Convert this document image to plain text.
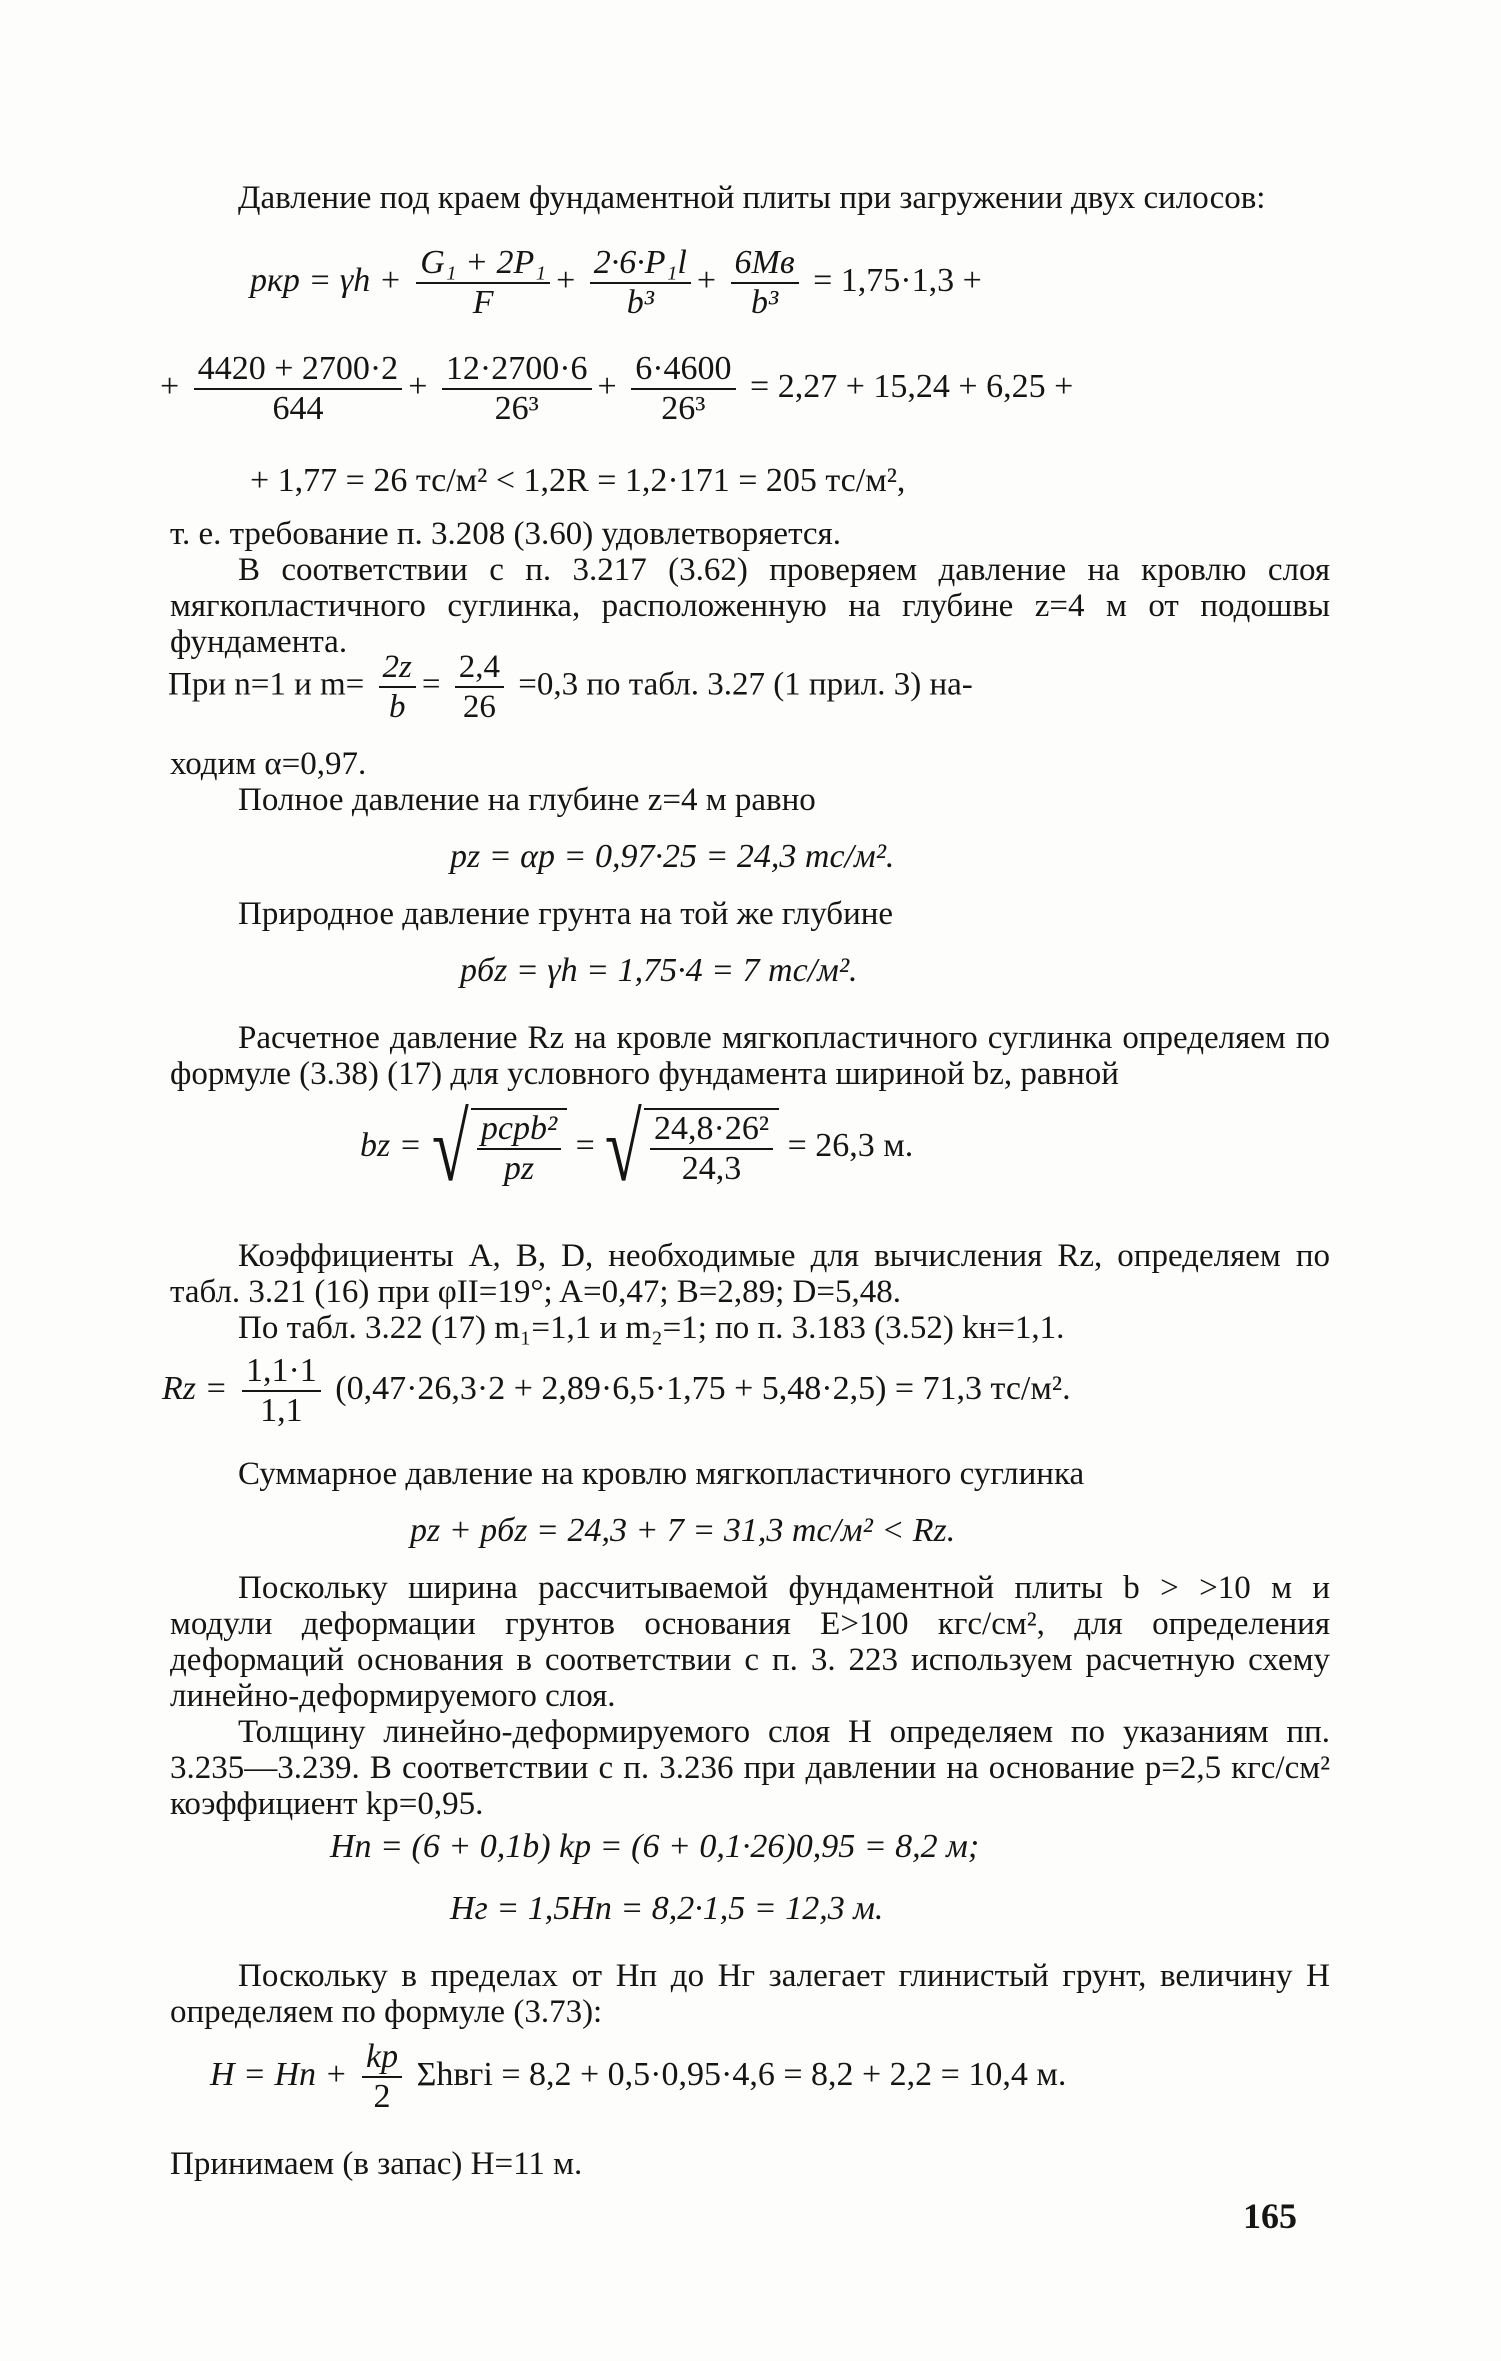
Давление под краем фундаментной плиты при загружении двух силосов:

pкр = $\gamma h + \frac{\text{G₁ + 2P₁}}{F} + \frac{\text{2·6·P₁l}}{\text{b³}} + 6Mв$
b³
= 1,75·1,3 +
+ $\frac{4420 + 2700\cdot 2}{644} + \frac{12\cdot 2700\cdot 6}{\text{26³}} + \frac{6\cdot 4600}{\text{26³}} = 2,27 + 15,24 + 6,25$ +
+ 1,77 = 26 тс/м² < 1,2R = 1,2·171 = 205 тс/м²,

т. е. требование п. 3.208 (3.60) удовлетворяется.

В соответствии с п. 3.217 (3.62) проверяем давление на кровлю слоя мягкопластичного суглинка, расположенную на глубине z=4 м от подошвы фундамента.

При n=1 и $m= \frac{2z}{b} = \frac{2,4}{26} =0,3$ по табл. 3.27 (1 прил. 3) на-

ходим α=0,97.

Полное давление на глубине z=4 м равно

pz = αp = 0,97·25 = 24,3 тс/м².

Природное давление грунта на той же глубине

pбz = γh = 1,75·4 = 7 тс/м².

Расчетное давление Rz на кровле мягкопластичного суглинка определяем по формуле (3.38) (17) для условного фундамента шириной bz, равной

bz = √ pсрb²
pz
= √ $\frac{\text{24,8·26²}}{24,3} = 26,3$ м.

Коэффициенты A, B, D, необходимые для вычисления Rz, определяем по табл. 3.21 (16) при φII=19°; A=0,47; B=2,89; D=5,48.

По табл. 3.22 (17) m₁=1,1 и m₂=1; по п. 3.183 (3.52) kн=1,1.

$Rz = \frac{1,1\cdot 1}{1,1} (0,47\cdot 26,3\cdot 2 + 2,89\cdot 6,5\cdot 1,75 + 5,48\cdot 2,5) = 71,3$ тс/м².

Суммарное давление на кровлю мягкопластичного суглинка

pz + pбz = 24,3 + 7 = 31,3 тс/м² < Rz.

Поскольку ширина рассчитываемой фундаментной плиты b > >10 м и модули деформации грунтов основания E>100 кгс/см², для определения деформаций основания в соответствии с п. 3. 223 используем расчетную схему линейно-деформируемого слоя.

Толщину линейно-деформируемого слоя H определяем по указаниям пп. 3.235—3.239. В соответствии с п. 3.236 при давлении на основание p=2,5 кгс/см² коэффициент kp=0,95.

Hп = (6 + 0,1b) kp = (6 + 0,1·26)0,95 = 8,2 м;
Hг = 1,5Hп = 8,2·1,5 = 12,3 м.

Поскольку в пределах от Hп до Hг залегает глинистый грунт, величину H определяем по формуле (3.73):

H = Hп + $\frac{kp}{2}$ Σhвгi = 8,2 + 0,5·0,95·4,6 = 8,2 + 2,2 = 10,4 м.

Принимаем (в запас) H=11 м.

165
